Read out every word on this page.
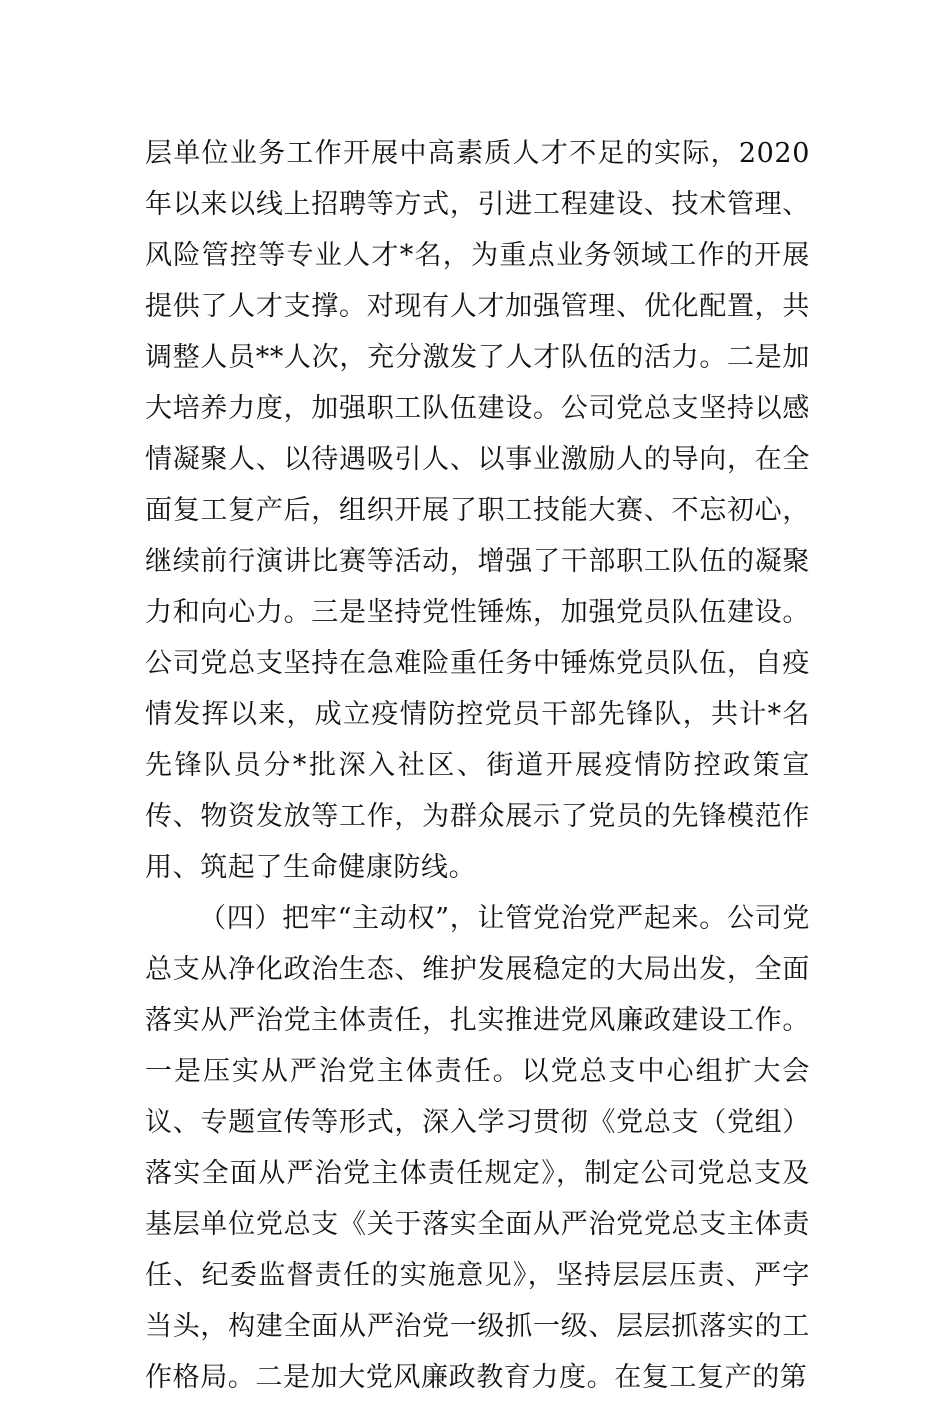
层单位业务工作开展中高素质人才不足的实际，2020年以来以线上招聘等方式，引进工程建设、技术管理、风险管控等专业人才*名，为重点业务领域工作的开展提供了人才支撑。对现有人才加强管理、优化配置，共调整人员**人次，充分激发了人才队伍的活力。二是加大培养力度，加强职工队伍建设。公司党总支坚持以感情凝聚人、以待遇吸引人、以事业激励人的导向，在全面复工复产后，组织开展了职工技能大赛、不忘初心，继续前行演讲比赛等活动，增强了干部职工队伍的凝聚力和向心力。三是坚持党性锤炼，加强党员队伍建设。公司党总支坚持在急难险重任务中锤炼党员队伍，自疫情发挥以来，成立疫情防控党员干部先锋队，共计*名先锋队员分*批深入社区、街道开展疫情防控政策宣传、物资发放等工作，为群众展示了党员的先锋模范作用、筑起了生命健康防线。

（四）把牢“主动权”，让管党治党严起来。公司党总支从净化政治生态、维护发展稳定的大局出发，全面落实从严治党主体责任，扎实推进党风廉政建设工作。一是压实从严治党主体责任。以党总支中心组扩大会议、专题宣传等形式，深入学习贯彻《党总支（党组）落实全面从严治党主体责任规定》，制定公司党总支及基层单位党总支《关于落实全面从严治党党总支主体责任、纪委监督责任的实施意见》，坚持层层压责、严字当头，构建全面从严治党一级抓一级、层层抓落实的工作格局。二是加大党风廉政教育力度。在复工复产的第
